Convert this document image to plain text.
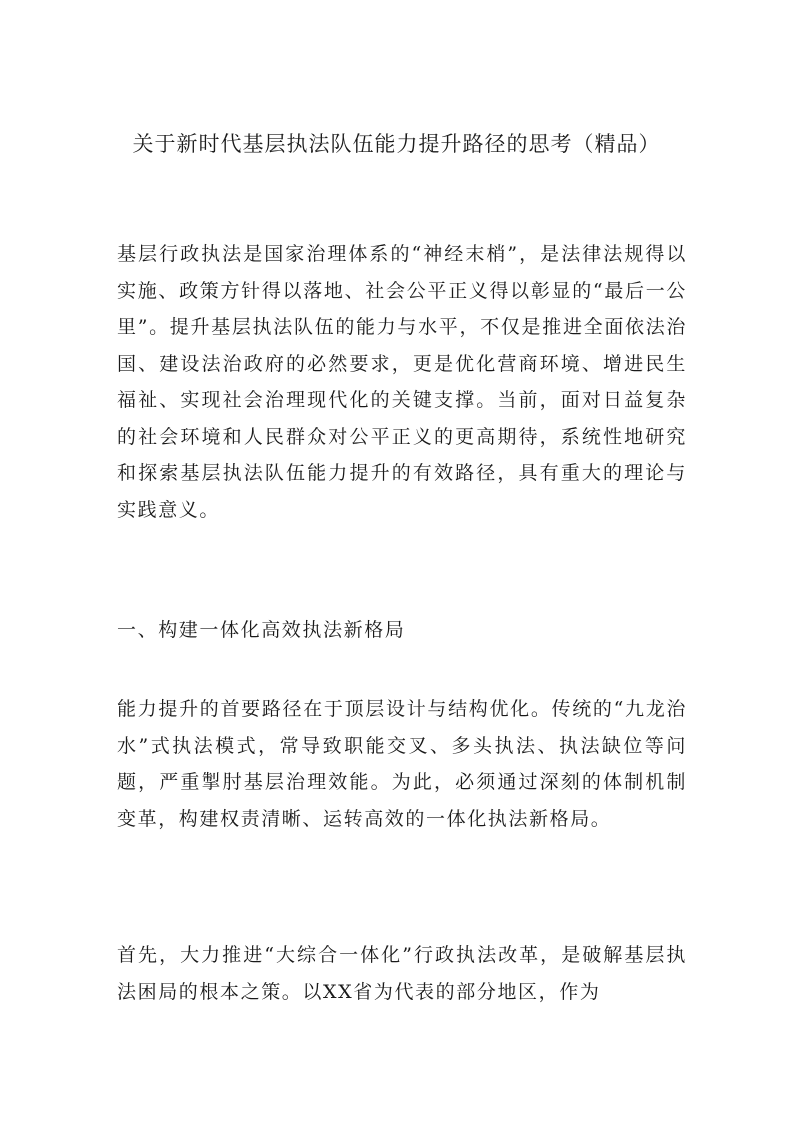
关于新时代基层执法队伍能力提升路径的思考（精品）

基层行政执法是国家治理体系的“神经末梢”，是法律法规得以实施、政策方针得以落地、社会公平正义得以彰显的“最后一公里”。提升基层执法队伍的能力与水平，不仅是推进全面依法治国、建设法治政府的必然要求，更是优化营商环境、增进民生福祉、实现社会治理现代化的关键支撑。当前，面对日益复杂的社会环境和人民群众对公平正义的更高期待，系统性地研究和探索基层执法队伍能力提升的有效路径，具有重大的理论与实践意义。

一、构建一体化高效执法新格局

能力提升的首要路径在于顶层设计与结构优化。传统的“九龙治水”式执法模式，常导致职能交叉、多头执法、执法缺位等问题，严重掣肘基层治理效能。为此，必须通过深刻的体制机制变革，构建权责清晰、运转高效的一体化执法新格局。

首先，大力推进“大综合一体化”行政执法改革，是破解基层执法困局的根本之策。以XX省为代表的部分地区，作为
